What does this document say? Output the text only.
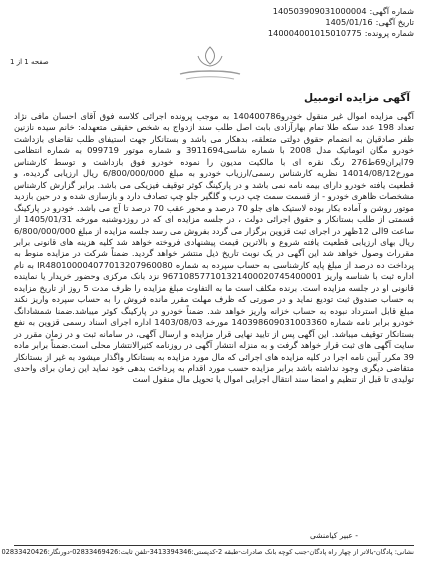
شماره آگهی:140503909031000004
تاریخ آگهی:1405/01/16
شماره پرونده:140004001015010775
صفحه 1 از 1
آگهی مزایده اتومبیل

آگهی مزایده اموال غیر منقول خودرو140400786 به موجب پرونده اجرائی کلاسه فوق آقای احسان مافی نژاد تعداد 198 عدد سکه طلا تمام بهارآزادی بابت اصل طلب سند ازدواج به شخص حقیقی متعهدله: خانم سیده نازنین ظفر صادقیان به انضمام حقوق دولتی متعلقه، بدهکار می باشد و بستانکار جهت استیفای طلب تقاضای بازداشت خودرو مگان اتوماتیک مدل 2008 با شماره شاسی3911694 و شماره موتور 099719 به شماره انتظامی 79ایران69ط276 رنگ نقره ای با مالکیت مدیون را نموده خودرو فوق بازداشت و توسط کارشناس مورخ14014/08/12 نظریه کارشناس رسمی/ارزیاب خودرو به مبلغ 6/800/000/000 ریال ارزیابی گردیده، و قطعیت یافته خودرو دارای بیمه نامه نمی باشد و در پارکینگ کوثر توقیف فیزیکی می باشد. برابر گزارش کارشناس مشخصات ظاهری خودرو - از قسمت سمت چپ درب و گلگیر جلو چپ تصادف دارد و بازسازی شده و در حین بازدید موتور روشن و آماده بکار بوده لاستیک های جلو 70 درصد و محور عقب 70 درصد تا آج می باشد. خودرو در پارکینگ قسمتی از طلب بستانکار و حقوق اجرائی دولت ، در جلسه مزایده ای که در روزدوشنبه مورخه 1405/01/31 از ساعت 9الی 12ظهر در اجرای ثبت قزوین برگزار می گردد بفروش می رسد جلسه مزایده از مبلغ 6/800/000/000 ریال بهای ارزیابی قطعیت یافته شروع و بالاترین قیمت پیشنهادی فروخته خواهد شد کلیه هزینه های قانونی برابر مقررات وصول خواهد شد این آگهی در یک نوبت تاریخ ذیل منتشر خواهد گردید. ضمناً شرکت در مزایده منوط به پرداخت ده درصد از مبلغ پایه کارشناسی به حساب سپرده به شماره IR480100004077013207960080 به نام اداره ثبت با شناسه واریز 967108577101321400020745400001 نزد بانک مرکزی وحضور خریدار یا نماینده قانونی او در جلسه مزایده است. برنده مکلف است ما به التفاوت مبلغ مزایده را ظرف مدت 5 روز از تاریخ مزایده به حساب صندوق ثبت تودیع نماید و در صورتی که ظرف مهلت مقرر مانده فروش را به حساب سپرده واریز نکند مبلغ قابل استرداد نبوده به حساب خزانه واریز خواهد شد. ضمناً خودرو در پارکینگ کوثر میباشد.ضمنا شمشادانگ خودرو برابر نامه شماره 140398609031003360 مورخه 1403/08/03 اداره اجرای اسناد رسمی قزوین به نفع بستانکار توقیف میباشد. این آگهی پس از تایید نهایی قرار مزایده و ارسال آگهی، در سامانه ثبت و در زمان مقرر در سایت آگهی های ثبت قرار خواهد گرفت و به منزله انتشار آگهی در روزنامه کثیرالانتشار محلی است.ضمناً برابر ماده 39 مکرر آیین نامه اجرا در کلیه مزایده های اجرائی که مال مورد مزایده به بستانکار واگذار میشود به غیر از بستانکار متقاضی دیگری وجود نداشته باشد برابر مزایده حسب مورد اقدام به پرداخت بدهی خود نماید این زمان برای واحدی تولیدی تا قبل از تنظیم و امضا سند انتقال اجرایی اموال یا تحویل مال منقول است

- عبیر کیامنشی
نشانی: پادگان-بالاتر از چهار راه پادگان-جنب کوچه بانک صادرات-طبقه 2-کدپستی:3413394346-تلفن ثابت:02833469426-دورنگار:02833420426
